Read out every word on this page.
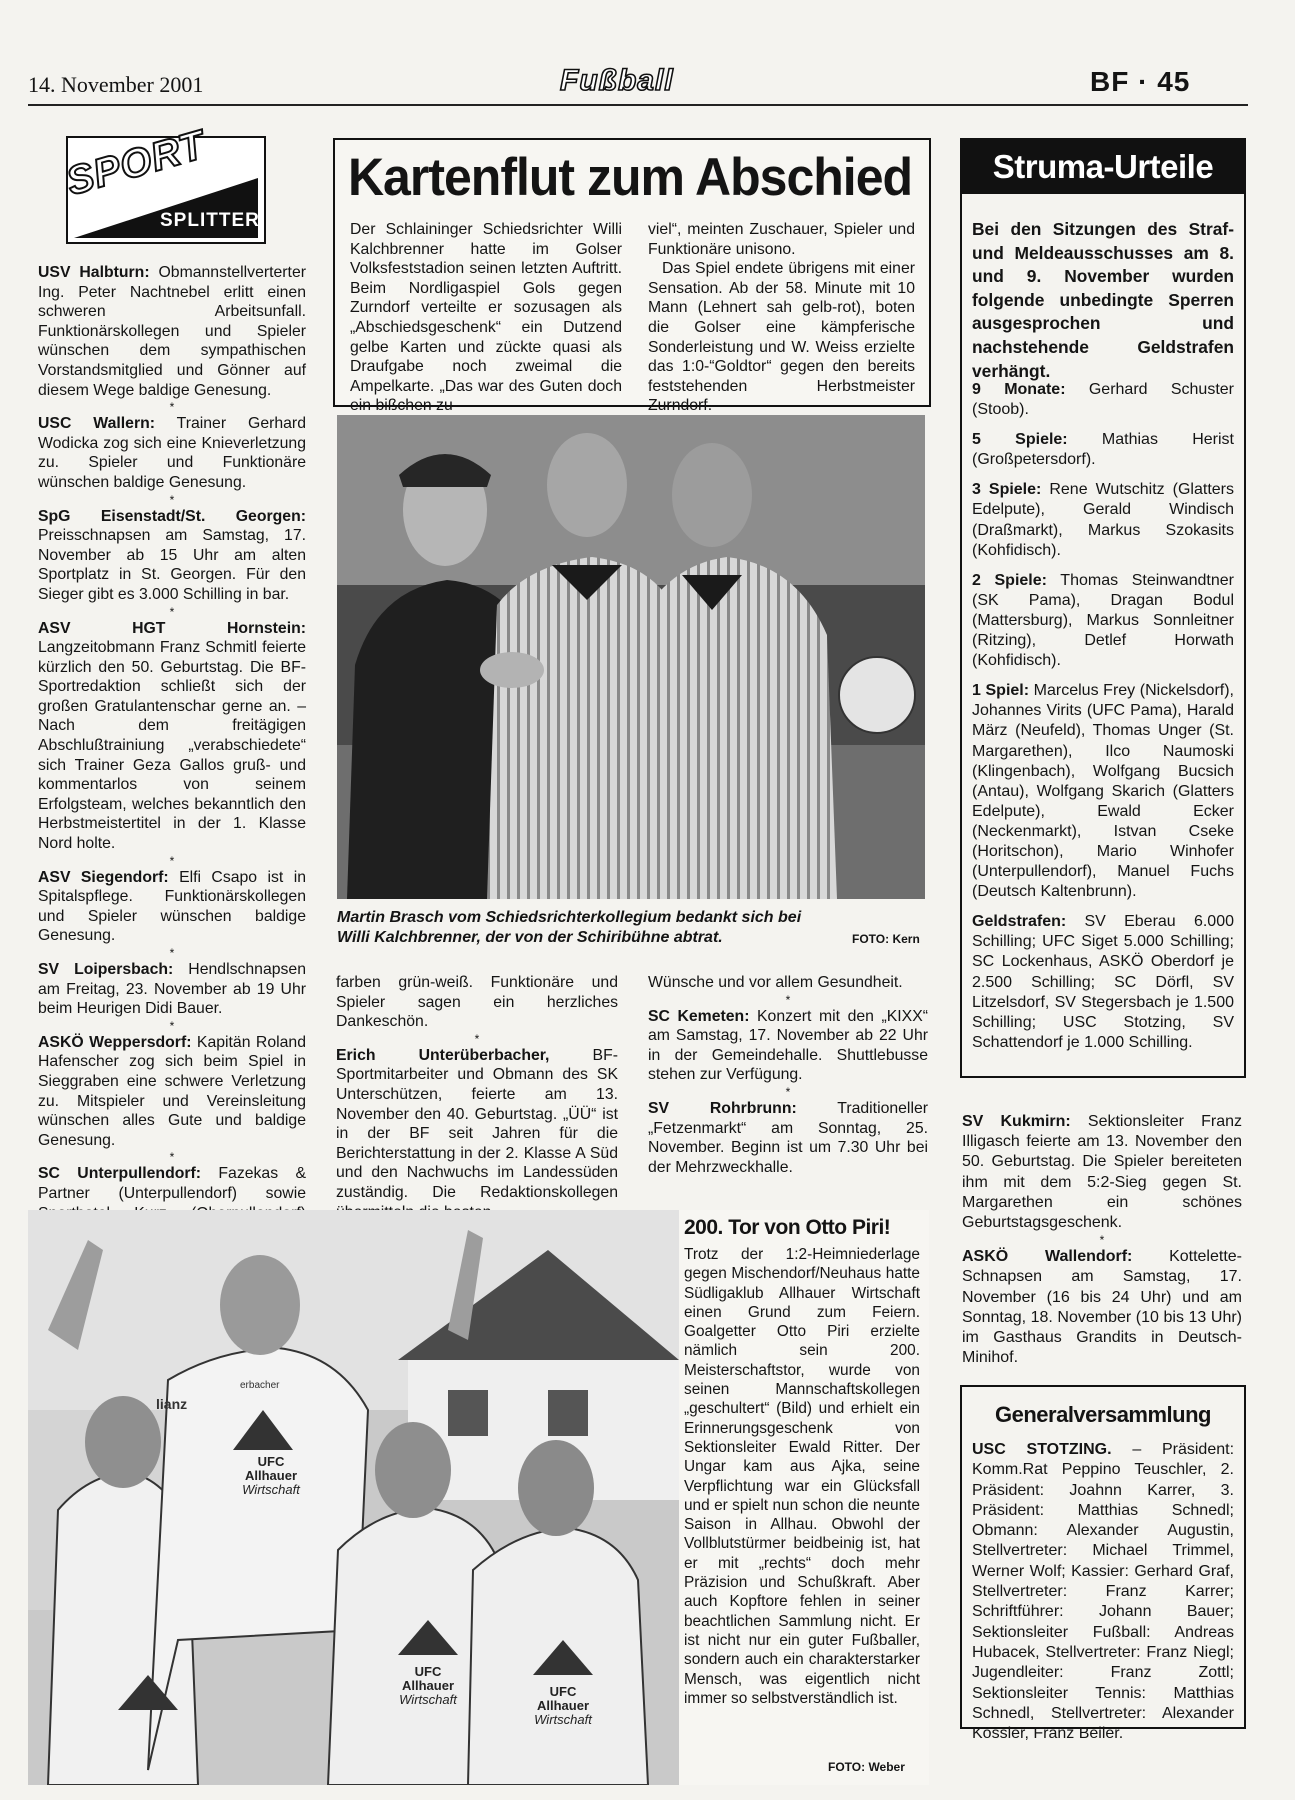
14. November 2001	Fußball	BF · 45
SPORT
SPLITTER

USV Halbturn: Obmannstellverterter Ing. Peter Nachtnebel erlitt einen schweren Arbeitsunfall. Funktionärskollegen und Spieler wünschen dem sympathischen Vorstandsmitglied und Gönner auf diesem Wege baldige Genesung.

*

USC Wallern: Trainer Gerhard Wodicka zog sich eine Knieverletzung zu. Spieler und Funktionäre wünschen baldige Genesung.

*

SpG Eisenstadt/St. Georgen: Preisschnapsen am Samstag, 17. November ab 15 Uhr am alten Sportplatz in St. Georgen. Für den Sieger gibt es 3.000 Schilling in bar.

*

ASV HGT Hornstein: Langzeitobmann Franz Schmitl feierte kürzlich den 50. Geburtstag. Die BF-Sportredaktion schließt sich der großen Gratulantenschar gerne an. – Nach dem freitägigen Abschlußtrainiung „verabschiedete“ sich Trainer Geza Gallos gruß- und kommentarlos von seinem Erfolgsteam, welches bekanntlich den Herbstmeistertitel in der 1. Klasse Nord holte.

*

ASV Siegendorf: Elfi Csapo ist in Spitalspflege. Funktionärskollegen und Spieler wünschen baldige Genesung.

*

SV Loipersbach: Hendlschnapsen am Freitag, 23. November ab 19 Uhr beim Heurigen Didi Bauer.

*

ASKÖ Weppersdorf: Kapitän Roland Hafenscher zog sich beim Spiel in Sieggraben eine schwere Verletzung zu. Mitspieler und Vereinsleitung wünschen alles Gute und baldige Genesung.

*

SC Unterpullendorf: Fazekas & Partner (Unterpullendorf) sowie

Kartenflut zum Abschied
Der Schlaininger Schiedsrichter Willi Kalchbrenner hatte im Golser Volksfeststadion seinen letzten Auftritt. Beim Nordligaspiel Gols gegen Zurndorf verteilte er sozusagen als „Abschiedsgeschenk“ ein Dutzend gelbe Karten und zückte quasi als Draufgabe noch zweimal die Ampelkarte. „Das war des Guten doch ein bißchen zu-

viel“, meinten Zuschauer, Spieler und Funktionäre unisono.

Das Spiel endete übrigens mit einer Sensation. Ab der 58. Minute mit 10 Mann (Lehnert sah gelb-rot), boten die Golser eine kämpferische Sonderleistung und W. Weiss erzielte das 1:0-“Goldtor“ gegen den bereits feststehenden Herbstmeister Zurndorf.

Martin Brasch vom Schiedsrichterkollegium bedankt sich bei Willi Kalchbrenner, der von der Schiribühne abtrat.	FOTO: Kern

farben grün-weiß. Funktionäre und Spieler sagen ein herzliches Dankeschön.

*

Erich Unterüberbacher,	BF-Sportmitarbeiter und Obmann des SK Unterschützen, feierte am 13. November den 40. Geburtstag. „ÜÜ“ ist in der BF seit Jahren für die Berichterstattung in der 2. Klasse A Süd und den Nachwuchs im Landessüden zuständig. Die Redaktionskollegen

Wünsche und vor allem Gesundheit.

*

SC Kemeten: Konzert mit den „KIXX“ am Samstag, 17. November ab 22 Uhr in der Gemeindehalle. Shuttlebusse stehen zur Verfügung.

*

SV Rohrbrunn: Traditioneller „Fetzenmarkt“ am Sonntag, 25. November. Beginn ist um 7.30 Uhr bei der Mehrzweckhalle.

lianz
erbacher
UFC
Allhauer
Wirtschaft
UFC
Allhauer
Wirtschaft
UFC
Allhauer
Wirtschaft
200. Tor von Otto Piri!
Trotz der 1:2-Heimniederlage gegen Mischendorf/Neuhaus hatte Südligaklub Allhauer Wirtschaft einen Grund zum Feiern. Goalgetter Otto Piri erzielte nämlich sein 200. Meisterschaftstor, wurde von seinen Mannschaftskollegen „geschultert“ (Bild) und erhielt ein Erinnerungsgeschenk von Sektionsleiter Ewald Ritter. Der Ungar kam aus Ajka, seine Verpflichtung war ein Glücksfall und er spielt nun schon die neunte Saison in Allhau. Obwohl der Vollblutstürmer beidbeinig ist, hat er mit „rechts“ doch mehr Präzision und Schußkraft. Aber auch Kopftore fehlen in seiner beachtlichen Sammlung nicht. Er ist nicht nur ein guter Fußballer, sondern auch ein charakterstarker Mensch, was eigentlich nicht immer so selbstverständlich ist.
FOTO: Weber
Struma-Urteile
Bei den Sitzungen des Straf- und Meldeausschusses am 8. und 9. November wurden folgende unbedingte Sperren ausgesprochen und nachstehende Geldstrafen verhängt.

9 Monate: Gerhard Schuster (Stoob).

5 Spiele: Mathias Herist (Großpetersdorf).

3 Spiele: Rene Wutschitz (Glatters Edelpute), Gerald Windisch (Draßmarkt), Markus Szokasits (Kohfidisch).

2 Spiele: Thomas Steinwandtner (SK Pama), Dragan Bodul (Mattersburg), Markus Sonnleitner (Ritzing), Detlef Horwath (Kohfidisch).

1 Spiel: Marcelus Frey (Nickelsdorf), Johannes Virits (UFC Pama), Harald März (Neufeld), Thomas Unger (St. Margarethen), Ilco Naumoski (Klingenbach), Wolfgang Bucsich (Antau), Wolfgang Skarich (Glatters Edelpute), Ewald Ecker (Neckenmarkt), Istvan Cseke (Horitschon), Mario Winhofer (Unterpullendorf), Manuel Fuchs (Deutsch Kaltenbrunn).

Geldstrafen: SV Eberau 6.000 Schilling; UFC Siget 5.000 Schilling; SC Lockenhaus, ASKÖ Oberdorf je 2.500 Schilling; SC Dörfl, SV Litzelsdorf, SV Stegersbach je 1.500 Schilling; USC Stotzing, SV Schattendorf je 1.000 Schilling.

SV Kukmirn: Sektionsleiter Franz Illigasch feierte am 13. November den 50. Geburtstag. Die Spieler bereiteten ihm mit dem 5:2-Sieg gegen St. Margarethen ein schönes Geburtstagsgeschenk.

*

ASKÖ Wallendorf: Kottelette-Schnapsen am Samstag, 17. November (16 bis 24 Uhr) und am Sonntag, 18. November (10 bis 13 Uhr) im Gasthaus Grandits in Deutsch-Minihof.

Generalversammlung
USC STOTZING. – Präsident: Komm.Rat Peppino Teuschler, 2. Präsident: Joahnn Karrer, 3. Präsident: Matthias Schnedl; Obmann: Alexander Augustin, Stellvertreter: Michael Trimmel, Werner Wolf; Kassier: Gerhard Graf, Stellvertreter: Franz Karrer; Schriftführer: Johann Bauer; Sektionsleiter Fußball: Andreas Hubacek, Stellvertreter: Franz Niegl; Jugendleiter: Franz Zottl; Sektionsleiter Tennis: Matthias Schnedl, Stellvertreter: Alexander Kössler, Franz Beiler.
